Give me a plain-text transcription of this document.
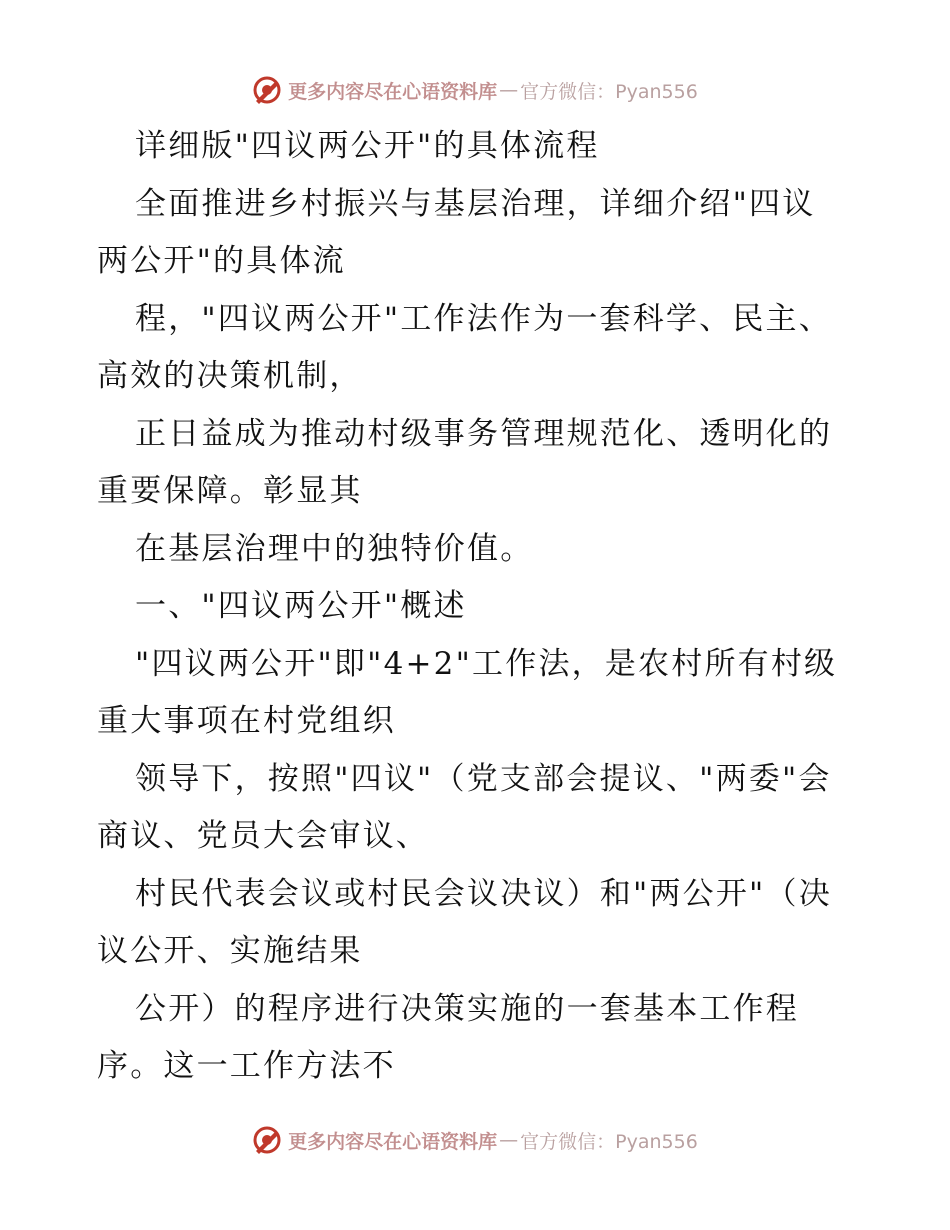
更多内容尽在心语资料库 — 官方微信：Pyan556
详细版"四议两公开"的具体流程
全面推进乡村振兴与基层治理，详细介绍"四议
两公开"的具体流
程，"四议两公开"工作法作为一套科学、民主、
高效的决策机制，
正日益成为推动村级事务管理规范化、透明化的
重要保障。彰显其
在基层治理中的独特价值。
一、"四议两公开"概述
"四议两公开"即"4+2"工作法，是农村所有村级
重大事项在村党组织
领导下，按照"四议"（党支部会提议、"两委"会
商议、党员大会审议、
村民代表会议或村民会议决议）和"两公开"（决
议公开、实施结果
公开）的程序进行决策实施的一套基本工作程
序。这一工作方法不
更多内容尽在心语资料库 — 官方微信：Pyan556
